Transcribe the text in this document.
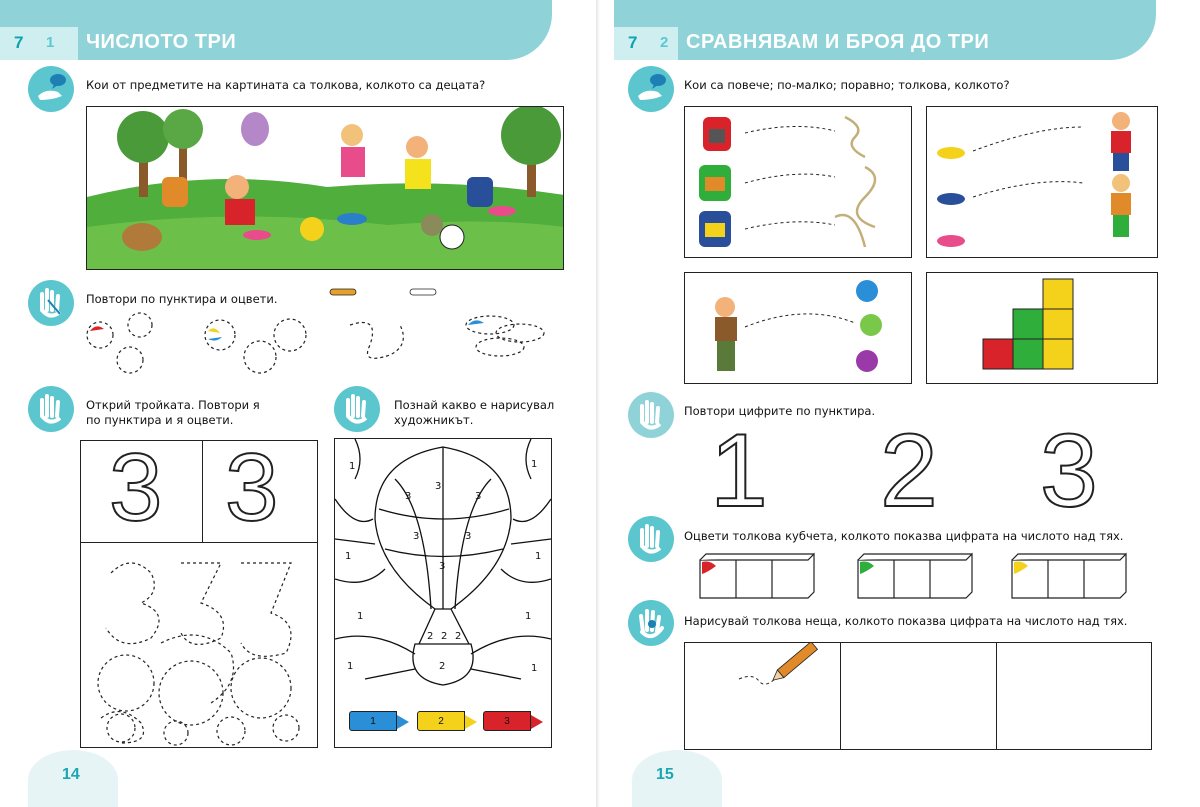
7 1 ЧИСЛОТО ТРИ
Кои от предметите на картината са толкова, колкото са децата?
Повтори по пунктира и оцвети.
Открий тройката. Повтори я
по пунктира и я оцвети.
3 3
Познай какво е нарисувал
художникът.
1	1
1	1
1	1
1	1
3
3
3
3	3
3
2 2 2
2
1	2	3
14
7 2 СРАВНЯВАМ И БРОЯ ДО ТРИ
Кои са повече; по-малко; поравно; толкова, колкото?
Повтори цифрите по пунктира.
1 2 3
Оцвети толкова кубчета, колкото показва цифрата на числото над тях.
Нарисувай толкова неща, колкото показва цифрата на числото над тях.
15
